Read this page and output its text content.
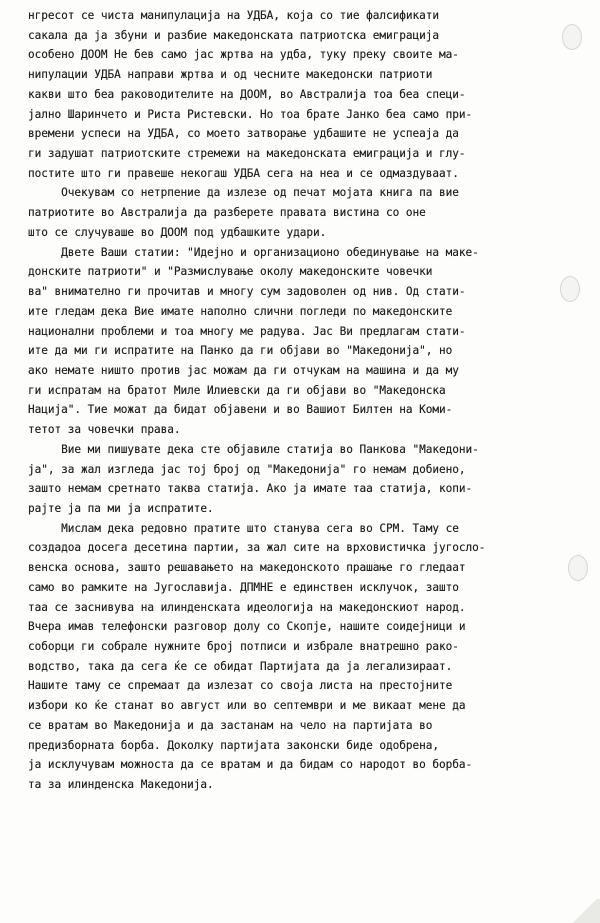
нгресот се чиста манипулација на УДБА, која со тие фалсификати
сакала да ја збуни и разбие македонската патриотска емиграција
особено ДООМ Не бев само јас жртва на удба, туку преку своите ма-
нипулации УДБА направи жртва и од чесните македонски патриоти
какви што беа раководителите на ДООМ, во Австралија тоа беа специ-
јално Шаринчето и Риста Ристевски. Но тоа брате Јанко беа само при-
времени успеси на УДБА, со моето затворање удбашите не успеаја да
ги задушат патриотските стремежи на македонската емиграција и глу-
постите што ги правеше некогаш УДБА сега на неа и се одмаздуваат.
Очекувам со нетрпение да излезе од печат мојата книга па вие
патриотите во Австралија да разберете правата вистина со оне
што се случуваше во ДООМ под удбашките удари.
Двете Ваши статии: "Идејно и организационо обединување на маке-
донските патриоти" и "Размислување околу македонските човечки
ва" внимателно ги прочитав и многу сум задоволен од нив. Од стати-
ите гледам дека Вие имате наполно слични погледи по македонските
национални проблеми и тоа многу ме радува. Јас Ви предлагам стати-
ите да ми ги испратите на Панко да ги објави во "Македонија", но
ако немате ништо против јас можам да ги отчукам на машина и да му
ги испратам на братот Миле Илиевски да ги објави во "Македонска
Нација". Тие можат да бидат објавени и во Вашиот Билтен на Коми-
тетот за човечки права.
Вие ми пишувате дека сте објавиле статија во Панкова "Македони-
ја", за жал изгледа јас тој број од "Македонија" го немам добиено,
зашто немам сретнато таква статија. Ако ја имате таа статија, копи-
рајте ја па ми ја испратите.
Мислам дека редовно пратите што станува сега во СРМ. Таму се
создадоа досега десетина партии, за жал сите на врховистичка југосло-
венска основа, зашто решавањето на македонското прашање го гледаат
само во рамките на Југославија. ДПМНЕ е единствен исклучок, зашто
таа се заснивува на илинденската идеологија на македонскиот народ.
Вчера имав телефонски разговор долу со Скопје, нашите соидејници и
соборци ги собрале нужните број потписи и избрале внатрешно рако-
водство, така да сега ќе се обидат Партијата да ја легализираат.
Нашите таму се спремаат да излезат со своја листа на престојните
избори ко ќе станат во август или во септември и ме викаат мене да
се вратам во Македонија и да застанам на чело на партијата во
предизборната борба. Доколку партијата законски биде одобрена,
ја исклучувам можноста да се вратам и да бидам со народот во борба-
та за илинденска Македонија.
